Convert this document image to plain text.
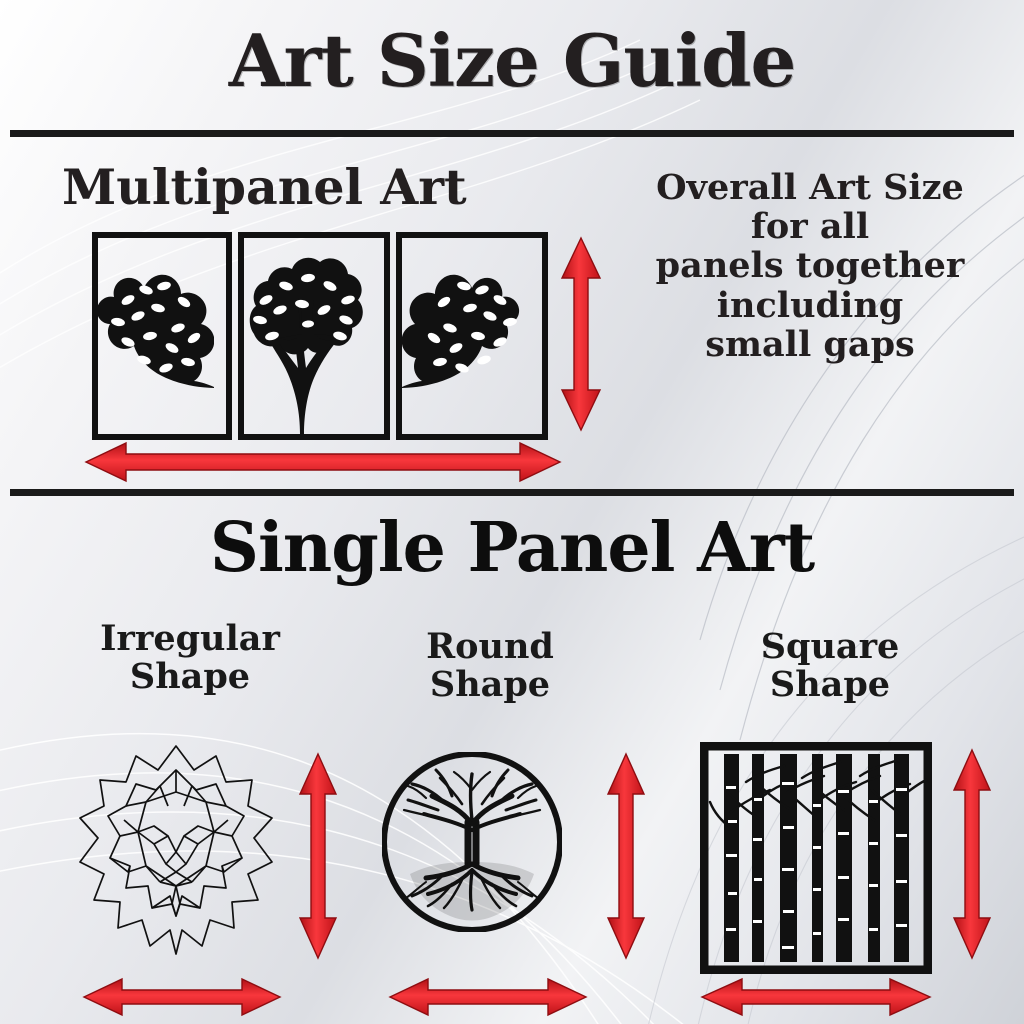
Art Size Guide
Multipanel Art	Overall Art Size
for all
panels together
including
small gaps
Single Panel Art
Irregular
Shape
Round
Shape
Square
Shape
